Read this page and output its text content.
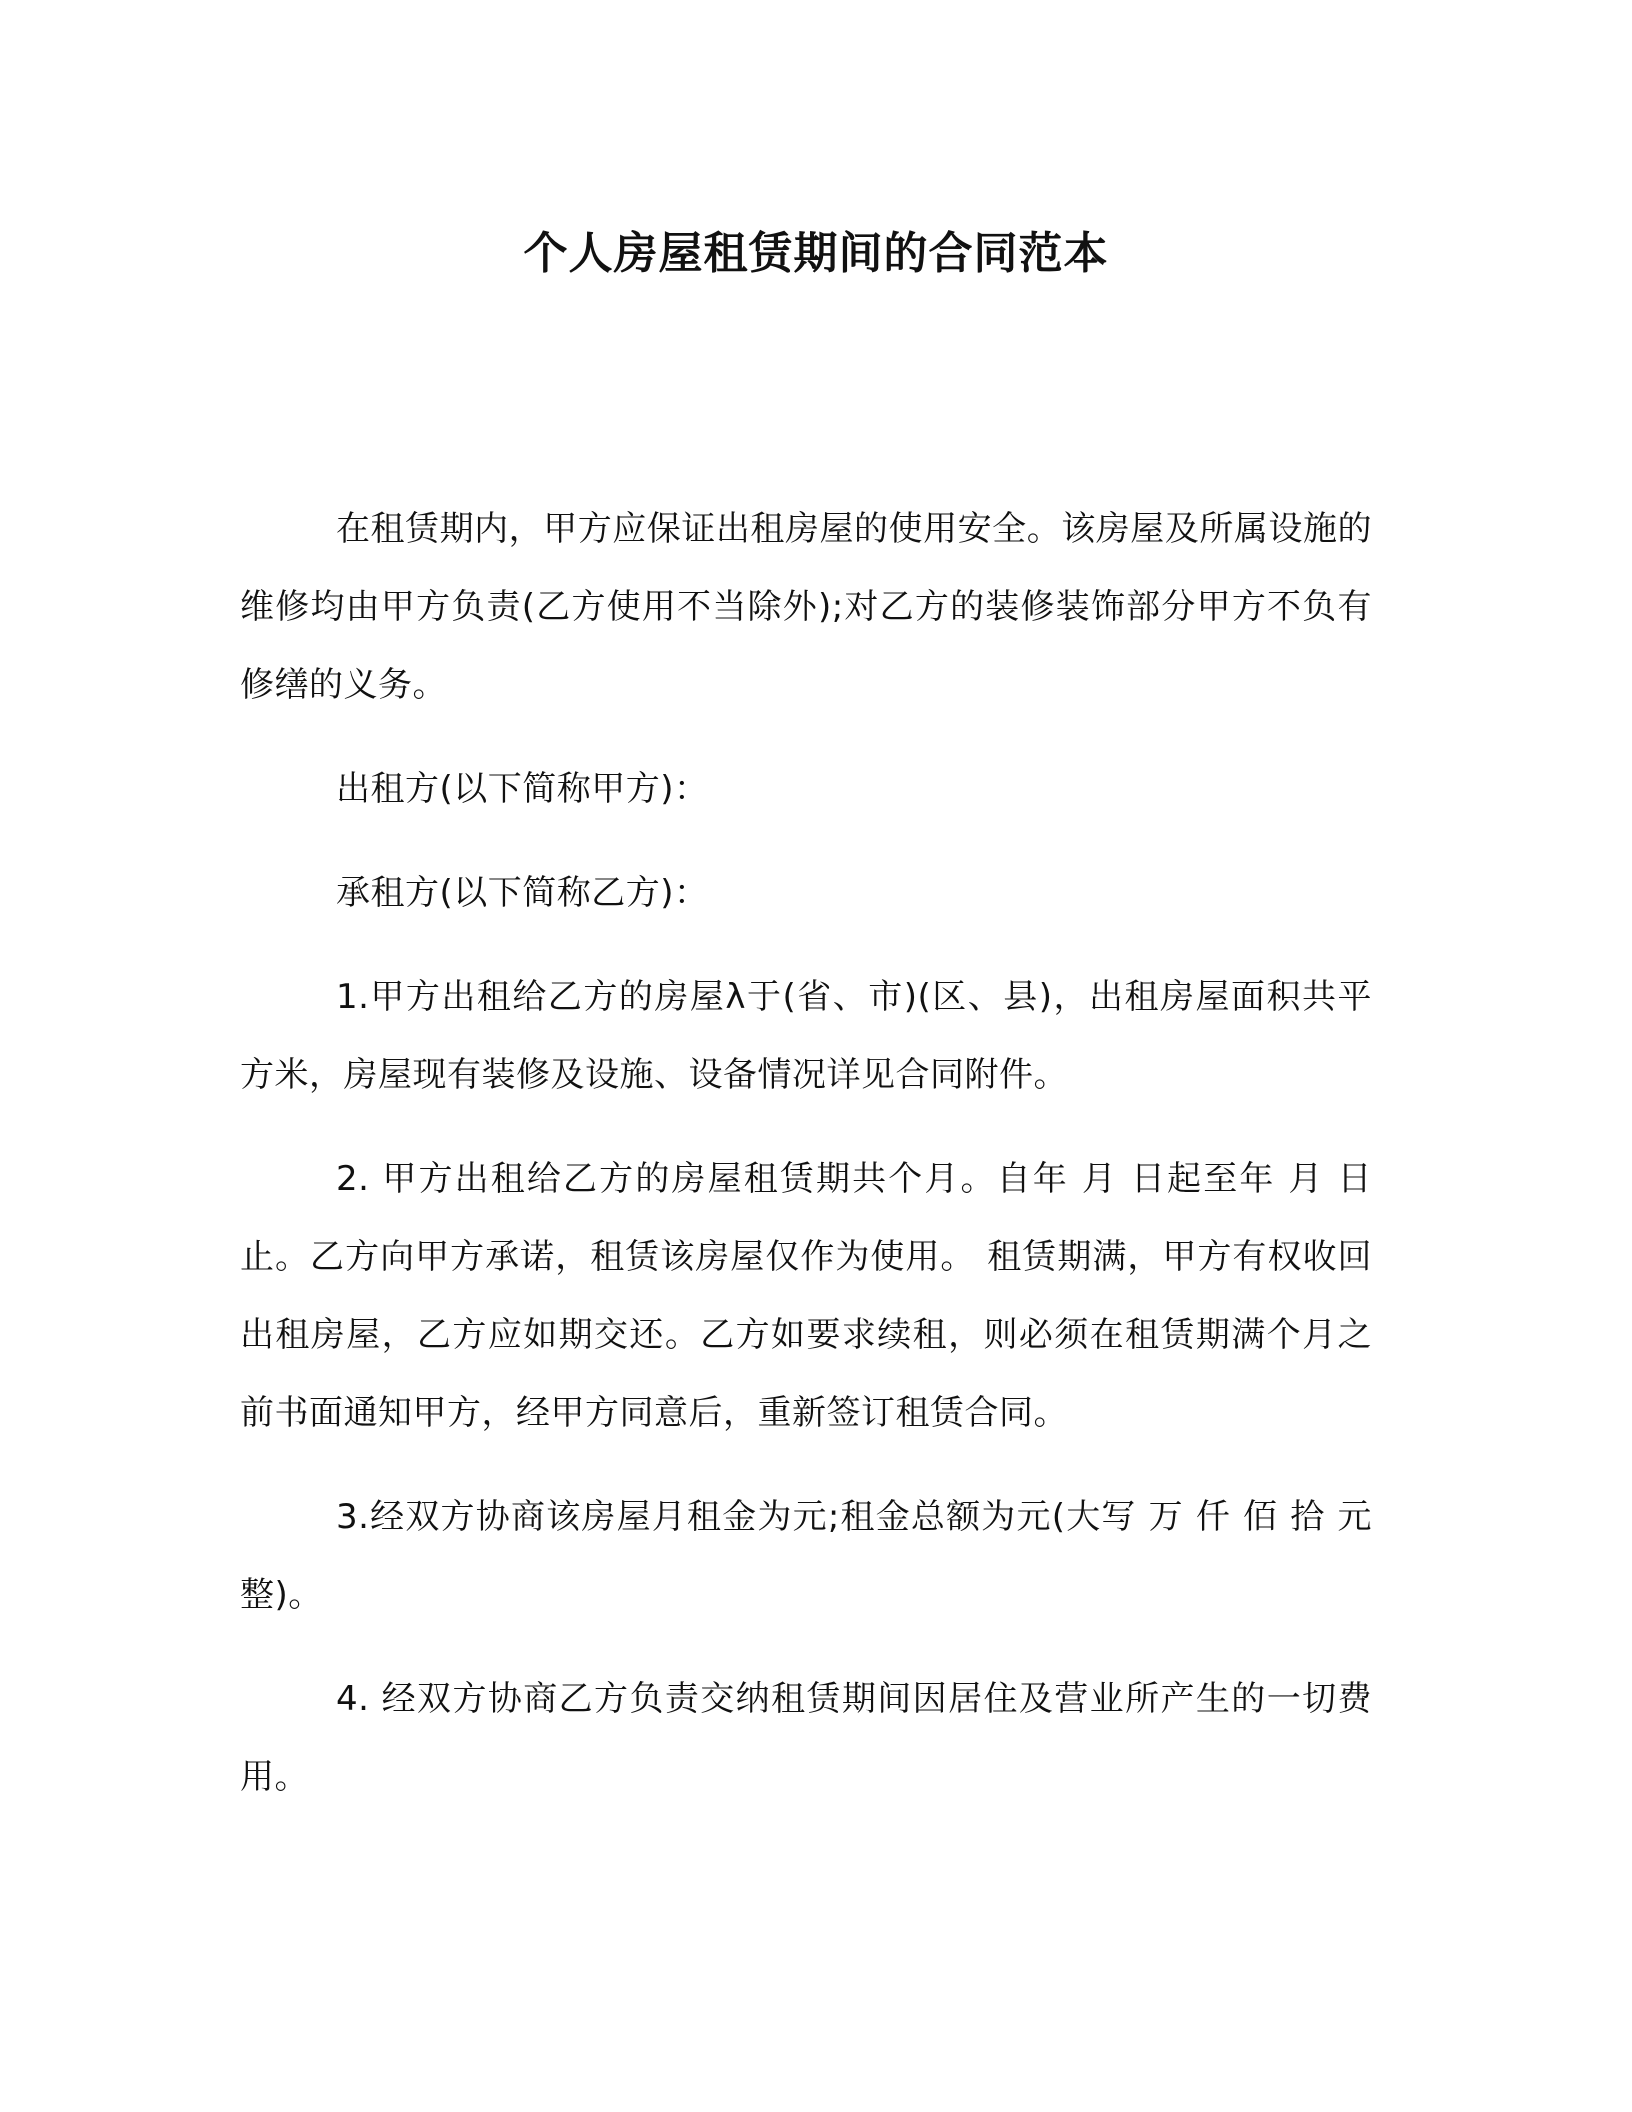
个人房屋租赁期间的合同范本

在租赁期内，甲方应保证出租房屋的使用安全。该房屋及所属设施的维修均由甲方负责(乙方使用不当除外);对乙方的装修装饰部分甲方不负有修缮的义务。

出租方(以下简称甲方)：

承租方(以下简称乙方)：

1.甲方出租给乙方的房屋λ于(省、市)(区、县)，出租房屋面积共平方米，房屋现有装修及设施、设备情况详见合同附件。

2. 甲方出租给乙方的房屋租赁期共个月。自年 月 日起至年 月 日止。乙方向甲方承诺，租赁该房屋仅作为使用。 租赁期满，甲方有权收回出租房屋，乙方应如期交还。乙方如要求续租，则必须在租赁期满个月之前书面通知甲方，经甲方同意后，重新签订租赁合同。

3.经双方协商该房屋月租金为元;租金总额为元(大写 万 仟 佰 拾 元整)。

4. 经双方协商乙方负责交纳租赁期间因居住及营业所产生的一切费用。
